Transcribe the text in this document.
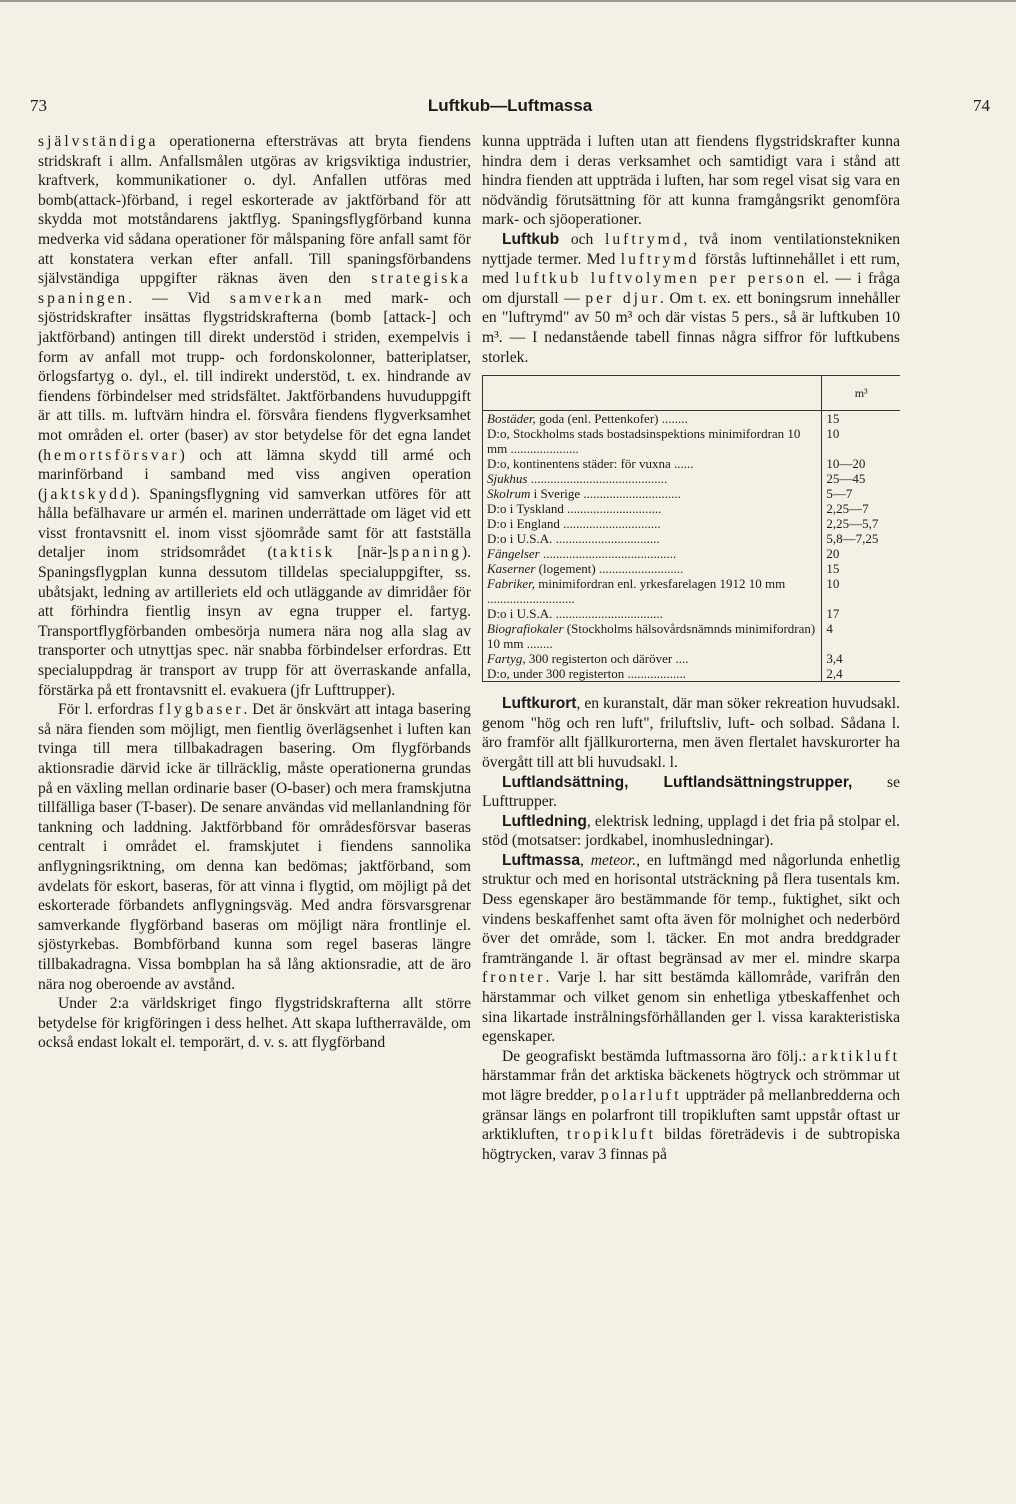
73	Luftkub—Luftmassa	74

självständiga operationerna eftersträvas att bryta fiendens stridskraft i allm. Anfallsmålen utgöras av krigsviktiga industrier, kraftverk, kommunikationer o. dyl. Anfallen utföras med bomb(attack-)förband, i regel eskorterade av jaktförband för att skydda mot motståndarens jaktflyg. Spaningsflygförband kunna medverka vid sådana operationer för målspaning före anfall samt för att konstatera verkan efter anfall. Till spaningsförbandens självständiga uppgifter räknas även den strategiska spaningen. — Vid samverkan med mark- och sjöstridskrafter insättas flygstridskrafterna (bomb [attack-] och jaktförband) antingen till direkt understöd i striden, exempelvis i form av anfall mot trupp- och fordonskolonner, batteriplatser, örlogsfartyg o. dyl., el. till indirekt understöd, t. ex. hindrande av fiendens förbindelser med stridsfältet. Jaktförbandens huvuduppgift är att tills. m. luftvärn hindra el. försvåra fiendens flygverksamhet mot områden el. orter (baser) av stor betydelse för det egna landet (hemortsförsvar) och att lämna skydd till armé och marinförband i samband med viss angiven operation (jaktskydd). Spaningsflygning vid samverkan utföres för att hålla befälhavare ur armén el. marinen underrättade om läget vid ett visst frontavsnitt el. inom visst sjöområde samt för att fastställa detaljer inom stridsområdet (taktisk [när-]spaning). Spaningsflygplan kunna dessutom tilldelas specialuppgifter, ss. ubåtsjakt, ledning av artilleriets eld och utläggande av dimridåer för att förhindra fientlig insyn av egna trupper el. fartyg. Transportflygförbanden ombesörja numera nära nog alla slag av transporter och utnyttjas spec. när snabba förbindelser erfordras. Ett specialuppdrag är transport av trupp för att överraskande anfalla, förstärka på ett frontavsnitt el. evakuera (jfr Lufttrupper).

För l. erfordras flygbaser. Det är önskvärt att intaga basering så nära fienden som möjligt, men fientlig överlägsenhet i luften kan tvinga till mera tillbakadragen basering. Om flygförbands aktionsradie därvid icke är tillräcklig, måste operationerna grundas på en växling mellan ordinarie baser (O-baser) och mera framskjutna tillfälliga baser (T-baser). De senare användas vid mellanlandning för tankning och laddning. Jaktförbband för områdesförsvar baseras centralt i området el. framskjutet i fiendens sannolika anflygningsriktning, om denna kan bedömas; jaktförband, som avdelats för eskort, baseras, för att vinna i flygtid, om möjligt på det eskorterade förbandets anflygningsväg. Med andra försvarsgrenar samverkande flygförband baseras om möjligt nära frontlinje el. sjöstyrkebas. Bombförband kunna som regel baseras längre tillbakadragna. Vissa bombplan ha så lång aktionsradie, att de äro nära nog oberoende av avstånd.

Under 2:a världskriget fingo flygstridskrafterna allt större betydelse för krigföringen i dess helhet. Att skapa luftherravälde, om också endast lokalt el. temporärt, d. v. s. att flygförband

kunna uppträda i luften utan att fiendens flygstridskrafter kunna hindra dem i deras verksamhet och samtidigt vara i stånd att hindra fienden att uppträda i luften, har som regel visat sig vara en nödvändig förutsättning för att kunna framgångsrikt genomföra mark- och sjöoperationer.

Luftkub och luftrymd, två inom ventilationstekniken nyttjade termer. Med luftrymd förstås luftinnehållet i ett rum, med luftkub luftvolymen per person el. — i fråga om djurstall — per djur. Om t. ex. ett boningsrum innehåller en "luftrymd" av 50 m³ och där vistas 5 pers., så är luftkuben 10 m³. — I nedanstående tabell finnas några siffror för luftkubens storlek.

	m³
Bostäder, goda (enl. Pettenkofer) ........	15
D:o, Stockholms stads bostadsinspektions minimifordran 10 mm .....................	10
D:o, kontinentens städer: för vuxna ......	10—20
Sjukhus ..........................................	25—45
Skolrum i Sverige ..............................	5—7
D:o i Tyskland .............................	2,25—7
D:o i England ..............................	2,25—5,7
D:o i U.S.A. ................................	5,8—7,25
Fängelser .........................................	20
Kaserner (logement) ..........................	15
Fabriker, minimifordran enl. yrkesfarelagen 1912 10 mm ...........................	10
D:o i U.S.A. .................................	17
Biografiokaler (Stockholms hälsovårdsnämnds minimifordran) 10 mm ........	4
Fartyg, 300 registerton och däröver ....	3,4
D:o, under 300 registerton ..................	2,4

Luftkurort, en kuranstalt, där man söker rekreation huvudsakl. genom "hög och ren luft", friluftsliv, luft- och solbad. Sådana l. äro framför allt fjällkurorterna, men även flertalet havskurorter ha övergått till att bli huvudsakl. l.

Luftlandsättning, Luftlandsättningstrupper, se Lufttrupper.

Luftledning, elektrisk ledning, upplagd i det fria på stolpar el. stöd (motsatser: jordkabel, inomhusledningar).

Luftmassa, meteor., en luftmängd med någorlunda enhetlig struktur och med en horisontal utsträckning på flera tusentals km. Dess egenskaper äro bestämmande för temp., fuktighet, sikt och vindens beskaffenhet samt ofta även för molnighet och nederbörd över det område, som l. täcker. En mot andra breddgrader framträngande l. är oftast begränsad av mer el. mindre skarpa fronter. Varje l. har sitt bestämda källområde, varifrån den härstammar och vilket genom sin enhetliga ytbeskaffenhet och sina likartade instrålningsförhållanden ger l. vissa karakteristiska egenskaper.

De geografiskt bestämda luftmassorna äro följ.: arktikluft härstammar från det arktiska bäckenets högtryck och strömmar ut mot lägre bredder, polarluft uppträder på mellanbredderna och gränsar längs en polarfront till tropikluften samt uppstår oftast ur arktikluften, tropikluft bildas företrädevis i de subtropiska högtrycken, varav 3 finnas på
